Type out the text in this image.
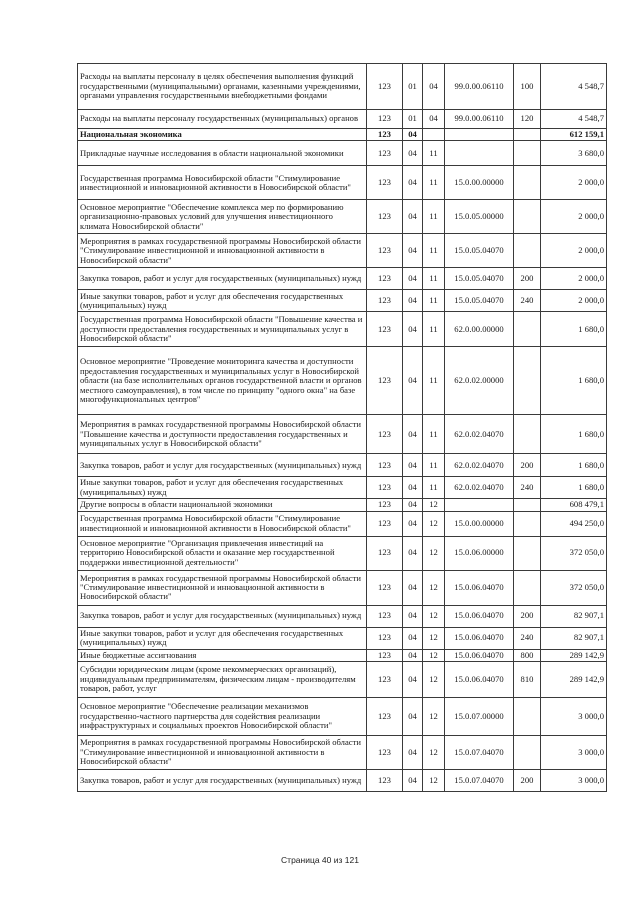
Расходы на выплаты персоналу в целях обеспечения выполнения функций государственными (муниципальными) органами, казенными учреждениями, органами управления государственными внебюджетными фондами	123	01	04	99.0.00.06110	100	4 548,7
Расходы на выплаты персоналу государственных (муниципальных) органов	123	01	04	99.0.00.06110	120	4 548,7
Национальная экономика	123	04				612 159,1
Прикладные научные исследования в области национальной экономики	123	04	11			3 680,0
Государственная программа Новосибирской области "Стимулирование инвестиционной и инновационной активности в Новосибирской области"	123	04	11	15.0.00.00000		2 000,0
Основное мероприятие "Обеспечение комплекса мер по формированию организационно-правовых условий для улучшения инвестиционного климата Новосибирской области"	123	04	11	15.0.05.00000		2 000,0
Мероприятия в рамках государственной программы Новосибирской области "Стимулирование инвестиционной и инновационной активности в Новосибирской области"	123	04	11	15.0.05.04070		2 000,0
Закупка товаров, работ и услуг для государственных (муниципальных) нужд	123	04	11	15.0.05.04070	200	2 000,0
Иные закупки товаров, работ и услуг для обеспечения государственных (муниципальных) нужд	123	04	11	15.0.05.04070	240	2 000,0
Государственная программа Новосибирской области "Повышение качества и доступности предоставления государственных и муниципальных услуг в Новосибирской области"	123	04	11	62.0.00.00000		1 680,0
Основное мероприятие "Проведение мониторинга качества и доступности предоставления государственных и муниципальных услуг в Новосибирской области (на базе исполнительных органов государственной власти и органов местного самоуправления), в том числе по принципу "одного окна" на базе многофункциональных центров"	123	04	11	62.0.02.00000		1 680,0
Мероприятия в рамках государственной программы Новосибирской области "Повышение качества и доступности предоставления государственных и муниципальных услуг в Новосибирской области"	123	04	11	62.0.02.04070		1 680,0
Закупка товаров, работ и услуг для государственных (муниципальных) нужд	123	04	11	62.0.02.04070	200	1 680,0
Иные закупки товаров, работ и услуг для обеспечения государственных (муниципальных) нужд	123	04	11	62.0.02.04070	240	1 680,0
Другие вопросы в области национальной экономики	123	04	12			608 479,1
Государственная программа Новосибирской области "Стимулирование инвестиционной и инновационной активности в Новосибирской области"	123	04	12	15.0.00.00000		494 250,0
Основное мероприятие "Организация привлечения инвестиций на территорию Новосибирской области и оказание мер государственной поддержки инвестиционной деятельности"	123	04	12	15.0.06.00000		372 050,0
Мероприятия в рамках государственной программы Новосибирской области "Стимулирование инвестиционной и инновационной активности в Новосибирской области"	123	04	12	15.0.06.04070		372 050,0
Закупка товаров, работ и услуг для государственных (муниципальных) нужд	123	04	12	15.0.06.04070	200	82 907,1
Иные закупки товаров, работ и услуг для обеспечения государственных (муниципальных) нужд	123	04	12	15.0.06.04070	240	82 907,1
Иные бюджетные ассигнования	123	04	12	15.0.06.04070	800	289 142,9
Субсидии юридическим лицам (кроме некоммерческих организаций), индивидуальным предпринимателям, физическим лицам - производителям товаров, работ, услуг	123	04	12	15.0.06.04070	810	289 142,9
Основное мероприятие "Обеспечение реализации механизмов государственно-частного партнерства для содействия реализации инфраструктурных и социальных проектов Новосибирской области"	123	04	12	15.0.07.00000		3 000,0
Мероприятия в рамках государственной программы Новосибирской области "Стимулирование инвестиционной и инновационной активности в Новосибирской области"	123	04	12	15.0.07.04070		3 000,0
Закупка товаров, работ и услуг для государственных (муниципальных) нужд	123	04	12	15.0.07.04070	200	3 000,0
Страница 40 из 121
